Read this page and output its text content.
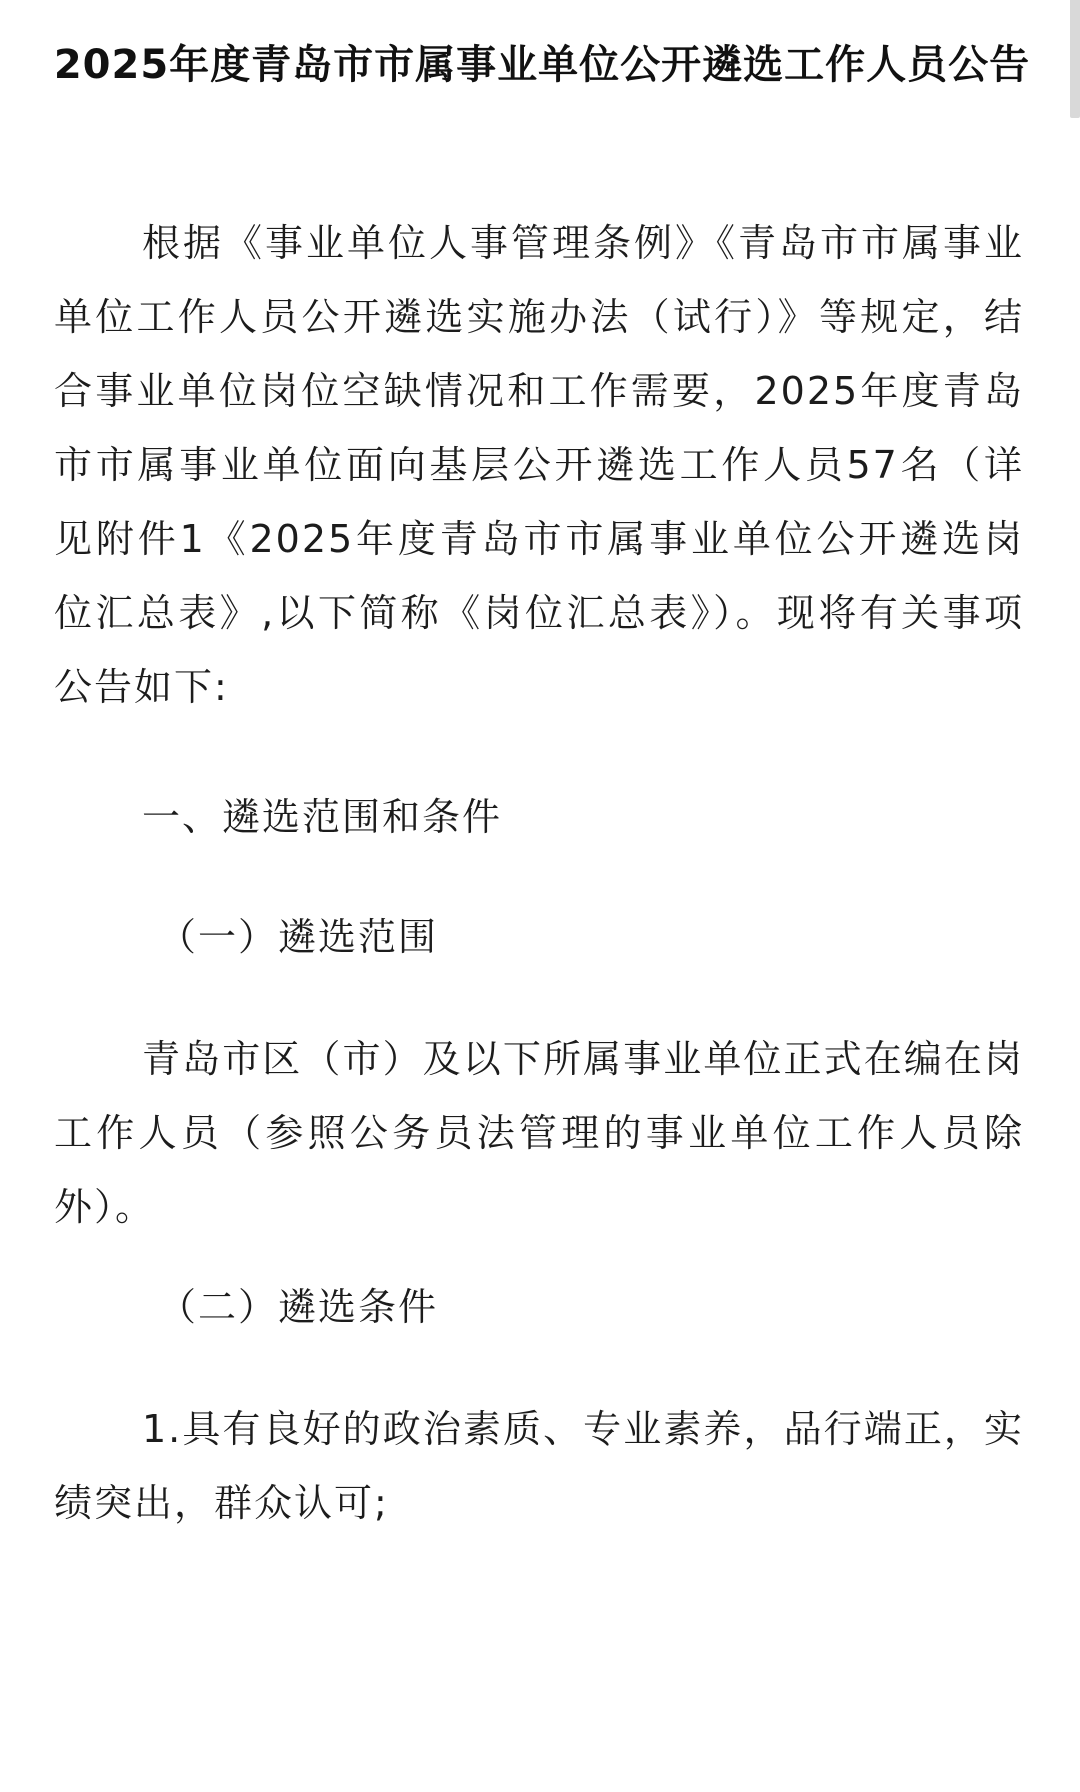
2025年度青岛市市属事业单位公开遴选工作人员公告

根据《事业单位人事管理条例》《青岛市市属事业单位工作人员公开遴选实施办法（试行）》等规定，结合事业单位岗位空缺情况和工作需要，2025年度青岛市市属事业单位面向基层公开遴选工作人员57名（详见附件1《2025年度青岛市市属事业单位公开遴选岗位汇总表》,以下简称《岗位汇总表》）。现将有关事项公告如下:

一、遴选范围和条件

（一）遴选范围

青岛市区（市）及以下所属事业单位正式在编在岗工作人员（参照公务员法管理的事业单位工作人员除外）。

（二）遴选条件

1.具有良好的政治素质、专业素养，品行端正，实绩突出，群众认可;
